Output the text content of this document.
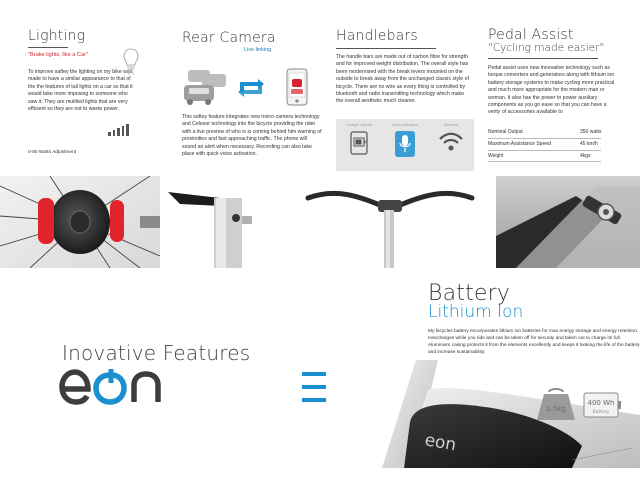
Lighting
"Brake lights, like a Car"
To improve saftey the lighting on my bike was made to have a similar appearance to that of the the features of tail lights on a car so that it would take more imposing to someone who saw it. They are multiled lights that are very efficient so they are not to waste power.
0-80 Watts Adjustment
Rear Camera
Live linking
This saftey feature integrates new micro-camera technology and Celesor technology into the bicycle providing the rider with a live preview of who is is coming behind him warning of proximities and fast approaching traffic. The phone will sound an alert when necessary. Recording can also take place with quick voice activation.
Handlebars
The handle bars are made out of carbon fibre for strength and for improved weight distribution. The overall style has been modernised with the break levers mounted on the outside to break away from the unchanged classic style of bicycle. There are no wire as every thing is controlled by bluetooth and radio transmitting technology which make the overall aesthetic much cleaner.
Charge Lithium	Voice activation	Wireless
Pedal Assist
"Cycling made easier"
Pedal assist uses new innovative technology such as torque converters and generators along with lithium ion battery storage systems to make cycling more practical and much more appropriate for the modern man or woman. It also has the power to power auxiliary components as you go ease so that you can have a verity of accessories available to
Nominal Output	350 watts
Maximum Assistance Speed	45 km/h
Weight	4kgs
Inovative Features
Battery
Lithium Ion
My bicycles battery encorporates lithium ion batteries for max energy storage and energy retention. Insecharges while you ride and can be taken off for security and taken out to charge its full. Aluminium casing protects it from the elements excellently and keeps it looking the life of the battery and increase sustainability.
eon
2.5kg
400 Wh
Battery
